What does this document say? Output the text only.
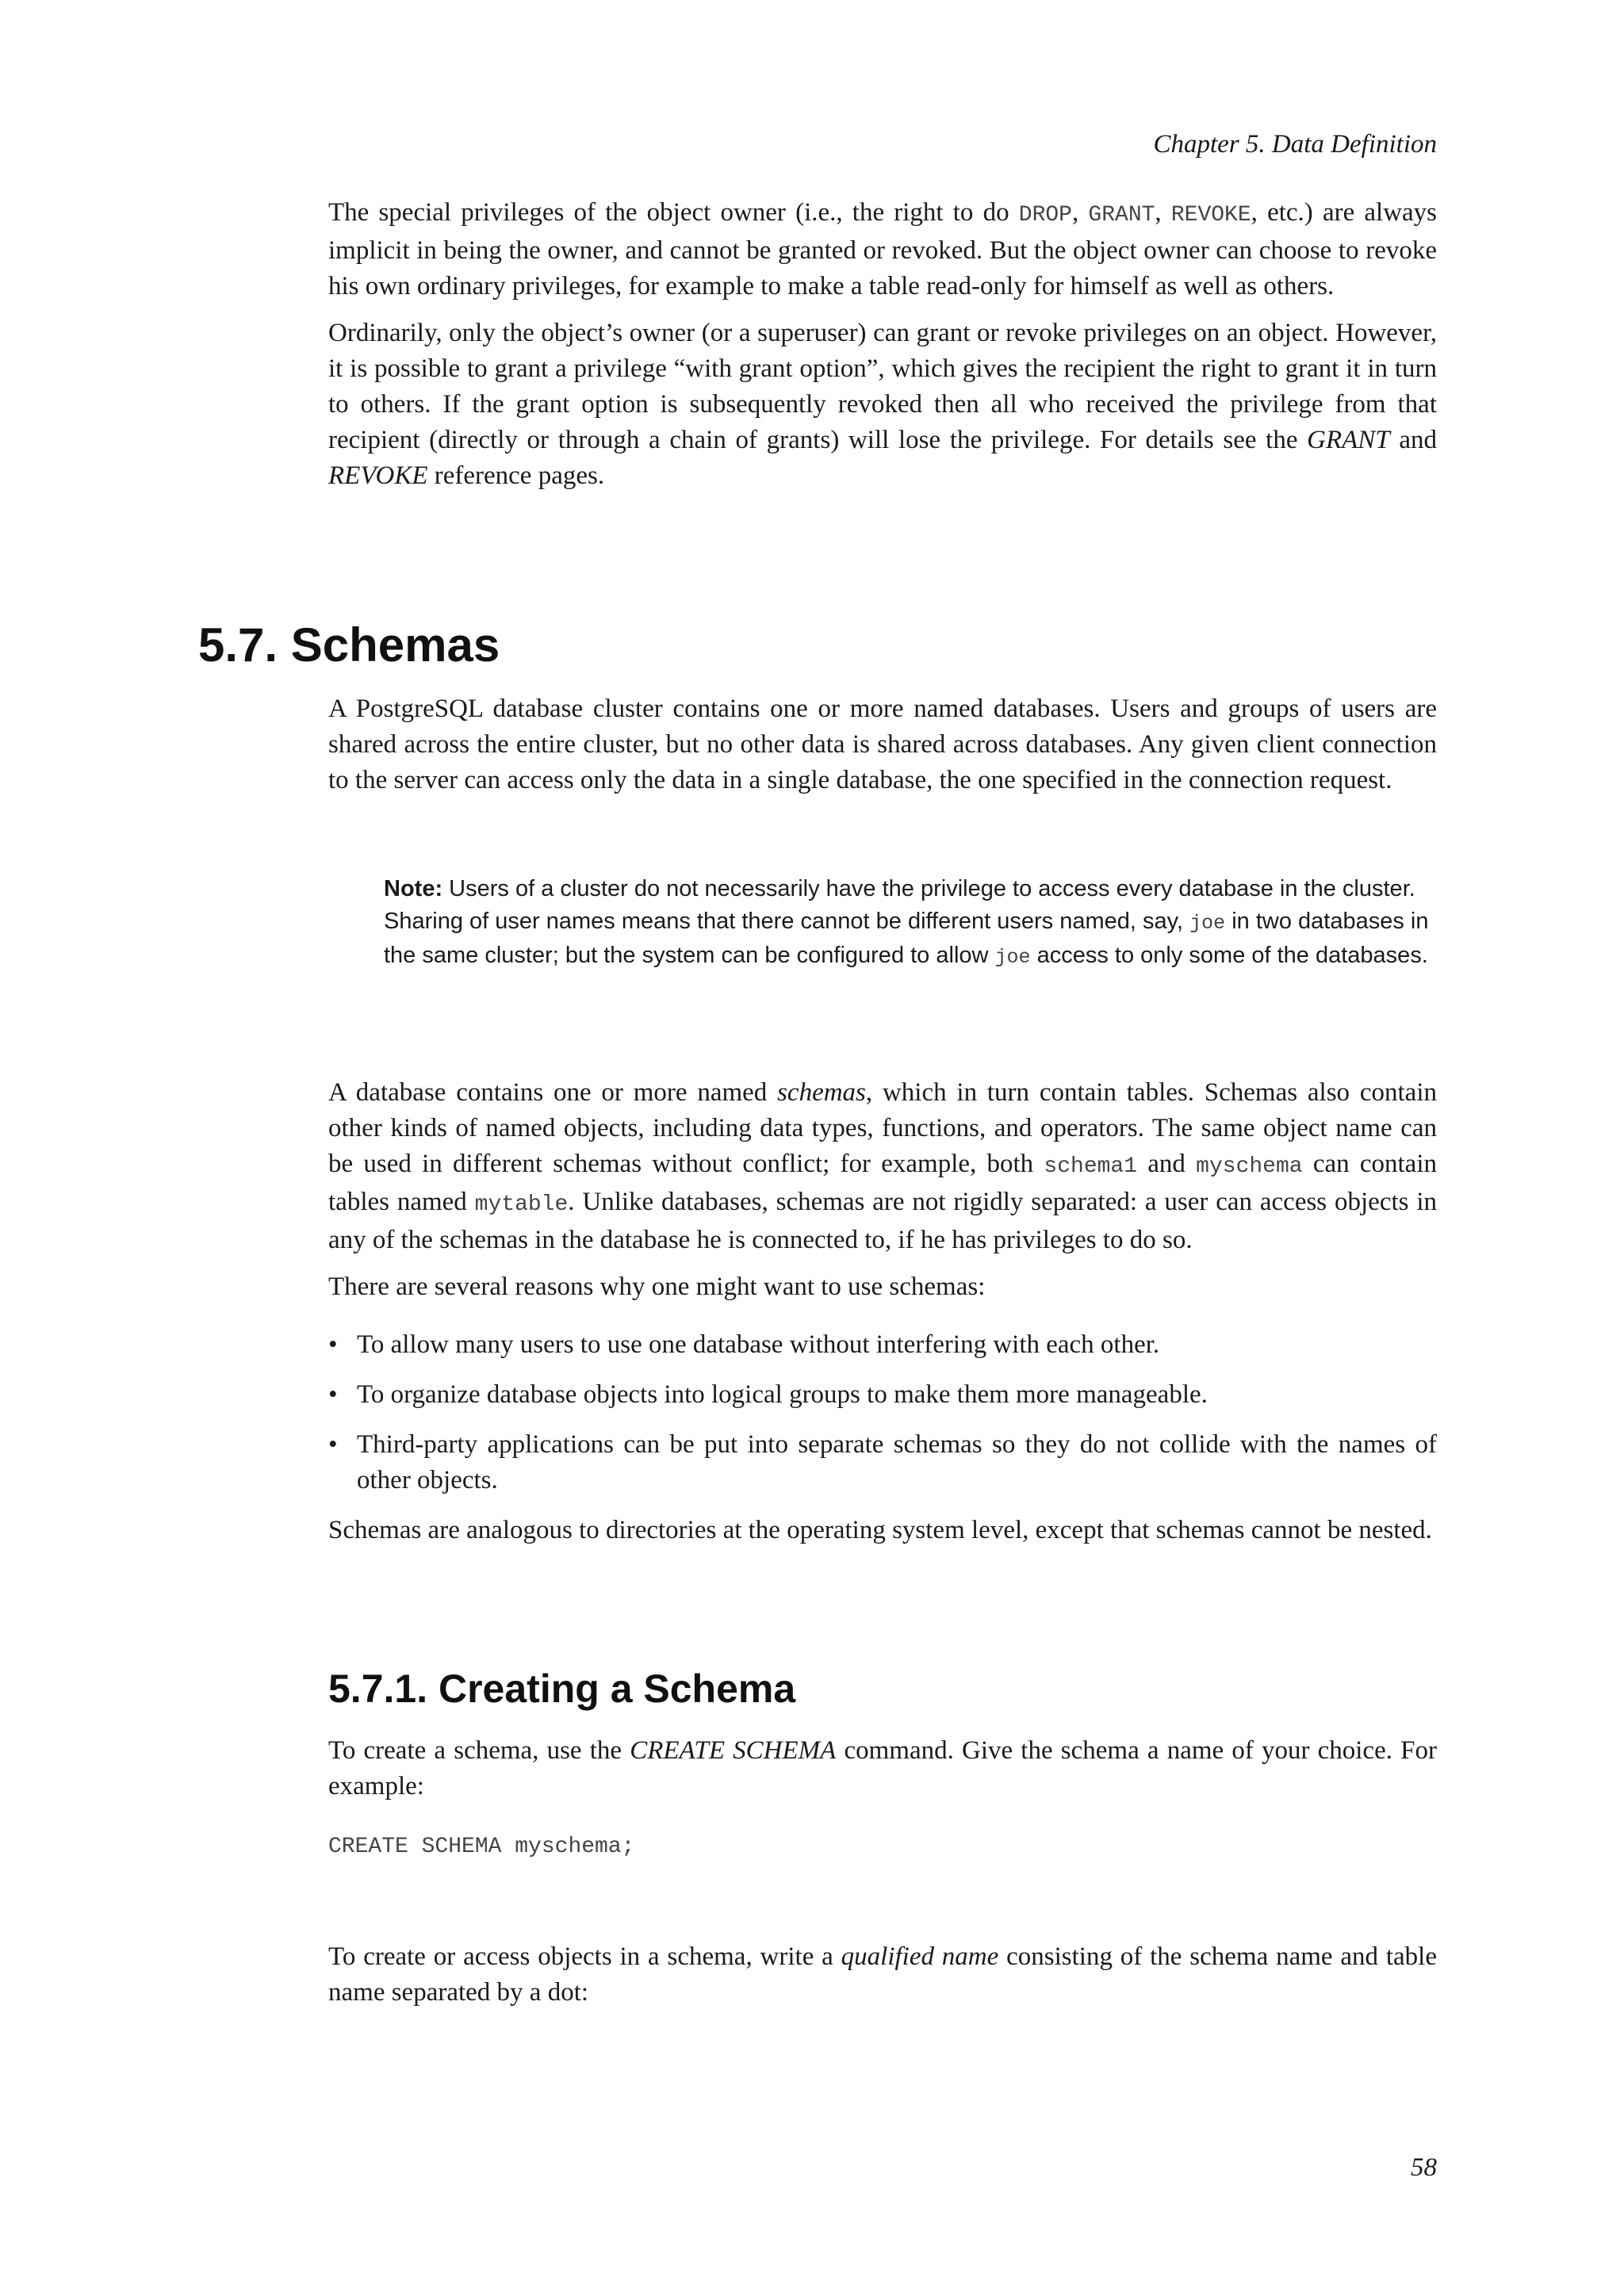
Chapter 5. Data Definition

The special privileges of the object owner (i.e., the right to do DROP, GRANT, REVOKE, etc.) are always implicit in being the owner, and cannot be granted or revoked. But the object owner can choose to revoke his own ordinary privileges, for example to make a table read-only for himself as well as others.

Ordinarily, only the object’s owner (or a superuser) can grant or revoke privileges on an object. However, it is possible to grant a privilege “with grant option”, which gives the recipient the right to grant it in turn to others. If the grant option is subsequently revoked then all who received the privilege from that recipient (directly or through a chain of grants) will lose the privilege. For details see the GRANT and REVOKE reference pages.

5.7. Schemas

A PostgreSQL database cluster contains one or more named databases. Users and groups of users are shared across the entire cluster, but no other data is shared across databases. Any given client connection to the server can access only the data in a single database, the one specified in the connection request.

Note: Users of a cluster do not necessarily have the privilege to access every database in the cluster. Sharing of user names means that there cannot be different users named, say, joe in two databases in the same cluster; but the system can be configured to allow joe access to only some of the databases.

A database contains one or more named schemas, which in turn contain tables. Schemas also contain other kinds of named objects, including data types, functions, and operators. The same object name can be used in different schemas without conflict; for example, both schema1 and myschema can contain tables named mytable. Unlike databases, schemas are not rigidly separated: a user can access objects in any of the schemas in the database he is connected to, if he has privileges to do so.

There are several reasons why one might want to use schemas:

• To allow many users to use one database without interfering with each other.
• To organize database objects into logical groups to make them more manageable.
• Third-party applications can be put into separate schemas so they do not collide with the names of other objects.

Schemas are analogous to directories at the operating system level, except that schemas cannot be nested.

5.7.1. Creating a Schema

To create a schema, use the CREATE SCHEMA command. Give the schema a name of your choice. For example:

CREATE SCHEMA myschema;

To create or access objects in a schema, write a qualified name consisting of the schema name and table name separated by a dot:

58
